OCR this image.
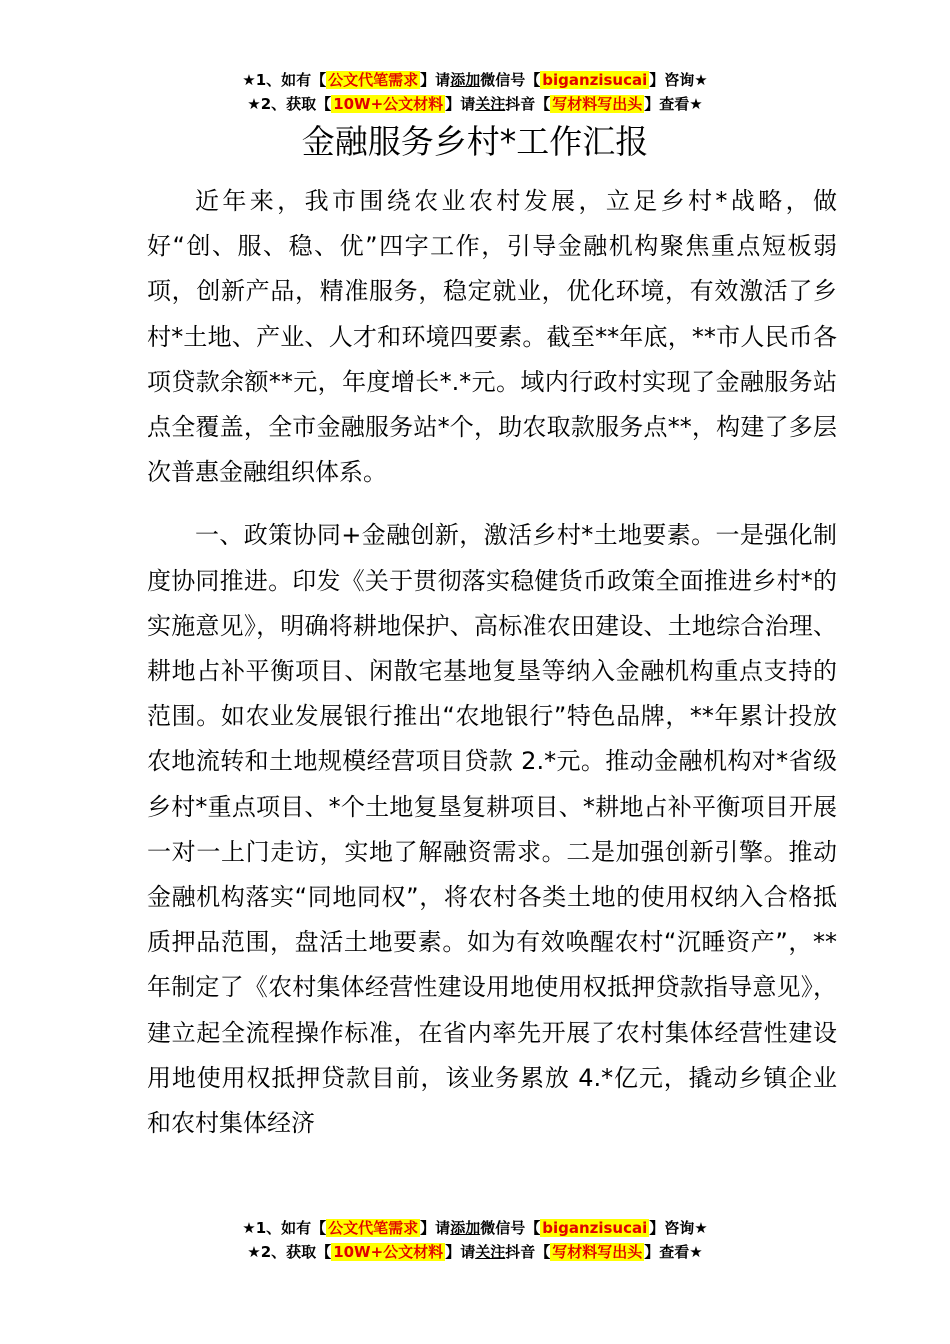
★1、如有【 公文代笔需求 】请添加微信号【 biganzisucai 】咨询★
★2、获取【 10W+公文材料 】请关注抖音【 写材料写出头 】查看★
金融服务乡村*工作汇报

近年来，我市围绕农业农村发展，立足乡村*战略，做好“创、服、稳、优”四字工作，引导金融机构聚焦重点短板弱项，创新产品，精准服务，稳定就业，优化环境，有效激活了乡村*土地、产业、人才和环境四要素。截至**年底，**市人民币各项贷款余额**元，年度增长*.*元。域内行政村实现了金融服务站点全覆盖，全市金融服务站*个，助农取款服务点**，构建了多层次普惠金融组织体系。

一、政策协同+金融创新，激活乡村*土地要素。一是强化制度协同推进。印发《关于贯彻落实稳健货币政策全面推进乡村*的实施意见》，明确将耕地保护、高标准农田建设、土地综合治理、耕地占补平衡项目、闲散宅基地复垦等纳入金融机构重点支持的范围。如农业发展银行推出“农地银行”特色品牌，**年累计投放农地流转和土地规模经营项目贷款 2.*元。推动金融机构对*省级乡村*重点项目、*个土地复垦复耕项目、*耕地占补平衡项目开展一对一上门走访，实地了解融资需求。二是加强创新引擎。推动金融机构落实“同地同权”，将农村各类土地的使用权纳入合格抵质押品范围，盘活土地要素。如为有效唤醒农村“沉睡资产”，**年制定了《农村集体经营性建设用地使用权抵押贷款指导意见》，建立起全流程操作标准，在省内率先开展了农村集体经营性建设用地使用权抵押贷款目前，该业务累放 4.*亿元，撬动乡镇企业和农村集体经济

★1、如有【 公文代笔需求 】请添加微信号【 biganzisucai 】咨询★
★2、获取【 10W+公文材料 】请关注抖音【 写材料写出头 】查看★
